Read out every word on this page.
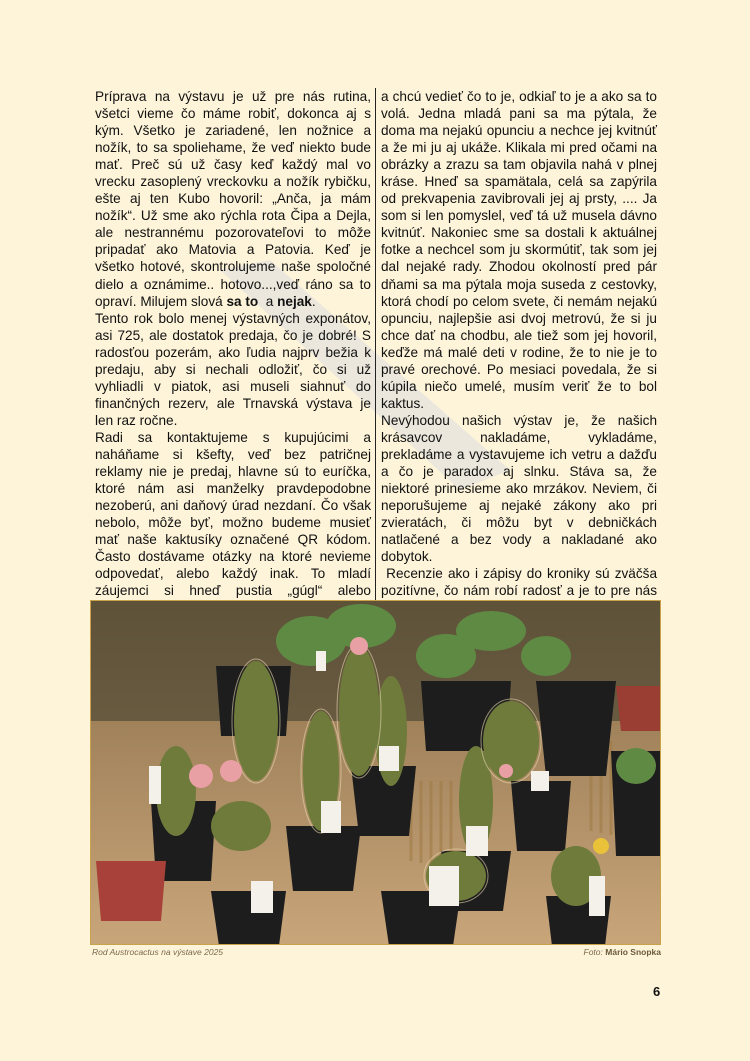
Príprava na výstavu je už pre nás rutina, všetci vieme čo máme robiť, dokonca aj s kým. Všetko je zariadené, len nožnice a nožík, to sa spoliehame, že veď niekto bude mať. Preč sú už časy keď každý mal vo vrecku zasoplený vreckovku a nožík rybičku, ešte aj ten Kubo hovoril: „Anča, ja mám nožík“. Už sme ako rýchla rota Čipa a Dejla, ale nestrannému pozorovateľovi to môže pripadať ako Matovia a Patovia. Keď je všetko hotové, skontrolujeme naše spoločné dielo a oznámime.. hotovo...,veď ráno sa to opraví. Milujem slová sa to  a nejak.

Tento rok bolo menej výstavných exponátov, asi 725, ale dostatok predaja, čo je dobré! S radosťou pozerám, ako ľudia najprv bežia k predaju, aby si nechali odložiť, čo si už vyhliadli v piatok, asi museli siahnuť do finančných rezerv, ale Trnavská výstava je len raz ročne.

Radi sa kontaktujeme s kupujúcimi a naháňame si kšefty, veď bez patričnej reklamy nie je predaj, hlavne sú to euríčka, ktoré nám asi manželky pravdepodobne nezoberú, ani daňový úrad nezdaní. Čo však nebolo, môže byť, možno budeme musieť mať naše kaktusíky označené QR kódom. Často dostávame otázky na ktoré nevieme odpovedať, alebo každý inak. To mladí záujemci si hneď pustia „gúgl“ alebo

a chcú vedieť čo to je, odkiaľ to je a ako sa to volá. Jedna mladá pani sa ma pýtala, že doma ma nejakú opunciu a nechce jej kvitnúť a že mi ju aj ukáže. Klikala mi pred očami na obrázky a zrazu sa tam objavila nahá v plnej kráse. Hneď sa spamätala, celá sa zapýrila od prekvapenia zavibrovali jej aj prsty, .... Ja som si len pomyslel, veď tá už musela dávno kvitnúť. Nakoniec sme sa dostali k aktuálnej fotke a nechcel som ju skormútiť, tak som jej dal nejaké rady. Zhodou okolností pred pár dňami sa ma pýtala moja suseda z cestovky, ktorá chodí po celom svete, či nemám nejakú opunciu, najlepšie asi dvoj metrovú, že si ju chce dať na chodbu, ale tiež som jej hovoril, keďže má malé deti v rodine, že to nie je to pravé orechové. Po mesiaci povedala, že si kúpila niečo umelé, musím veriť že to bol kaktus.

Nevýhodou našich výstav je, že našich krásavcov nakladáme, vykladáme, prekladáme a vystavujeme ich vetru a dažďu a čo je paradox aj slnku. Stáva sa, že niektoré prinesieme ako mrzákov. Neviem, či neporušujeme aj nejaké zákony ako pri zvieratách, či môžu byt v debničkách natlačené a bez vody a nakladané ako dobytok.

Recenzie ako i zápisy do kroniky sú zväčša pozitívne, čo nám robí radosť a je to pre nás

Rod Austrocactus na výstave 2025	Foto: Mário Snopka
6
